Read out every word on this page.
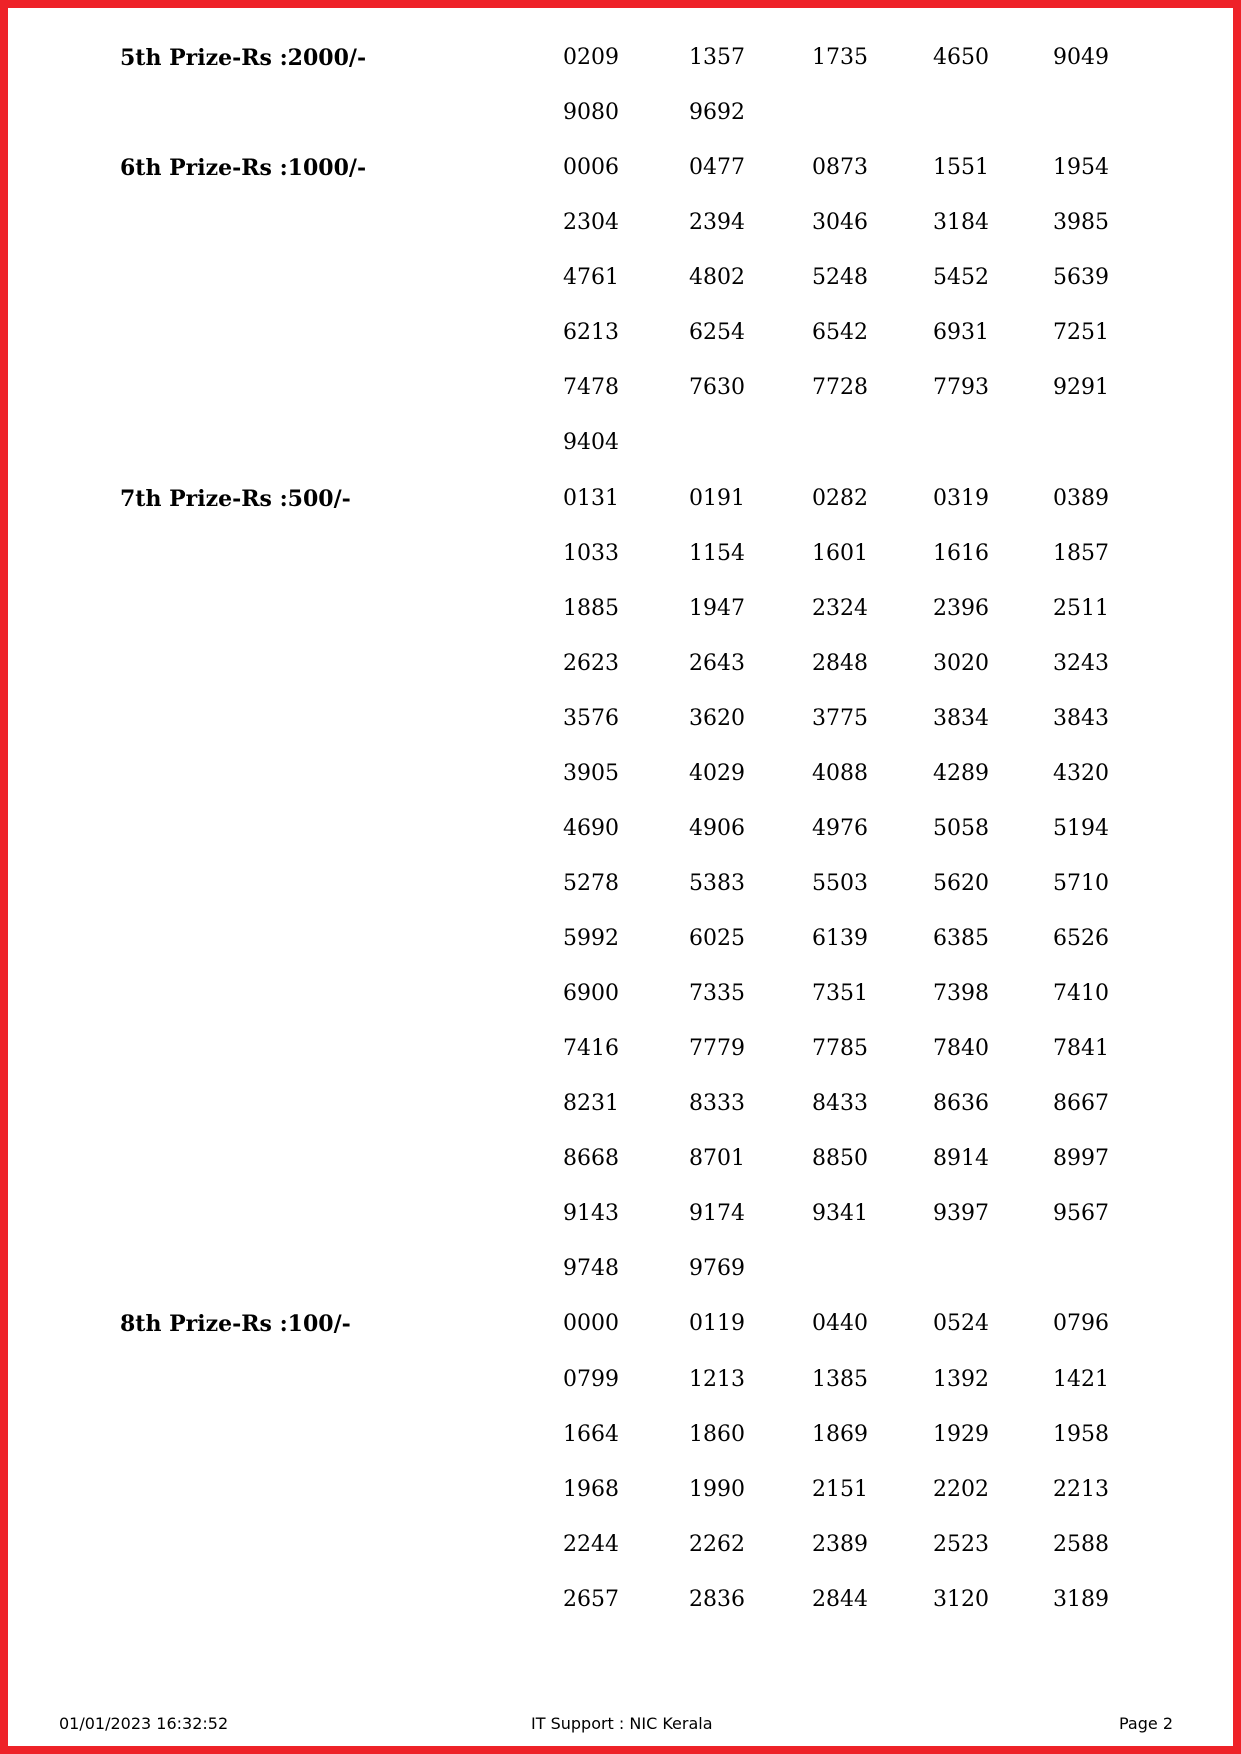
5th Prize-Rs :2000/-	0209	1357	1735	4650	9049
9080	9692
6th Prize-Rs :1000/-	0006	0477	0873	1551	1954
2304	2394	3046	3184	3985
4761	4802	5248	5452	5639
6213	6254	6542	6931	7251
7478	7630	7728	7793	9291
9404
7th Prize-Rs :500/-	0131	0191	0282	0319	0389
1033	1154	1601	1616	1857
1885	1947	2324	2396	2511
2623	2643	2848	3020	3243
3576	3620	3775	3834	3843
3905	4029	4088	4289	4320
4690	4906	4976	5058	5194
5278	5383	5503	5620	5710
5992	6025	6139	6385	6526
6900	7335	7351	7398	7410
7416	7779	7785	7840	7841
8231	8333	8433	8636	8667
8668	8701	8850	8914	8997
9143	9174	9341	9397	9567
9748	9769
8th Prize-Rs :100/-	0000	0119	0440	0524	0796
0799	1213	1385	1392	1421
1664	1860	1869	1929	1958
1968	1990	2151	2202	2213
2244	2262	2389	2523	2588
2657	2836	2844	3120	3189
01/01/2023 16:32:52	IT Support : NIC Kerala	Page 2
